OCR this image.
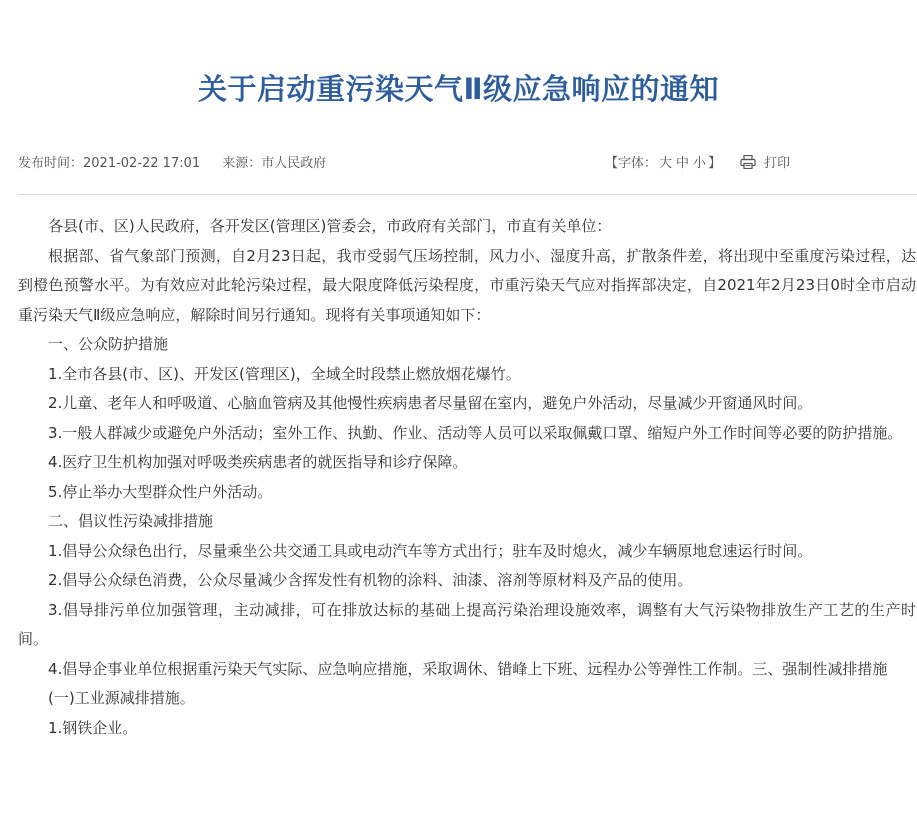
关于启动重污染天气Ⅱ级应急响应的通知
发布时间：2021-02-22 17:01 来源：市人民政府	【字体： 大 中 小 】	打印

各县(市、区)人民政府，各开发区(管理区)管委会，市政府有关部门，市直有关单位：

根据部、省气象部门预测，自2月23日起，我市受弱气压场控制，风力小、湿度升高，扩散条件差，将出现中至重度污染过程，达到橙色预警水平。为有效应对此轮污染过程，最大限度降低污染程度，市重污染天气应对指挥部决定，自2021年2月23日0时全市启动重污染天气Ⅱ级应急响应，解除时间另行通知。现将有关事项通知如下：

一、公众防护措施

1.全市各县(市、区)、开发区(管理区)，全域全时段禁止燃放烟花爆竹。

2.儿童、老年人和呼吸道、心脑血管病及其他慢性疾病患者尽量留在室内，避免户外活动，尽量减少开窗通风时间。

3.一般人群减少或避免户外活动；室外工作、执勤、作业、活动等人员可以采取佩戴口罩、缩短户外工作时间等必要的防护措施。

4.医疗卫生机构加强对呼吸类疾病患者的就医指导和诊疗保障。

5.停止举办大型群众性户外活动。

二、倡议性污染减排措施

1.倡导公众绿色出行，尽量乘坐公共交通工具或电动汽车等方式出行；驻车及时熄火，减少车辆原地怠速运行时间。

2.倡导公众绿色消费，公众尽量减少含挥发性有机物的涂料、油漆、溶剂等原材料及产品的使用。

3.倡导排污单位加强管理，主动减排，可在排放达标的基础上提高污染治理设施效率，调整有大气污染物排放生产工艺的生产时间。

4.倡导企事业单位根据重污染天气实际、应急响应措施，采取调休、错峰上下班、远程办公等弹性工作制。三、强制性减排措施

(一)工业源减排措施。

1.钢铁企业。
